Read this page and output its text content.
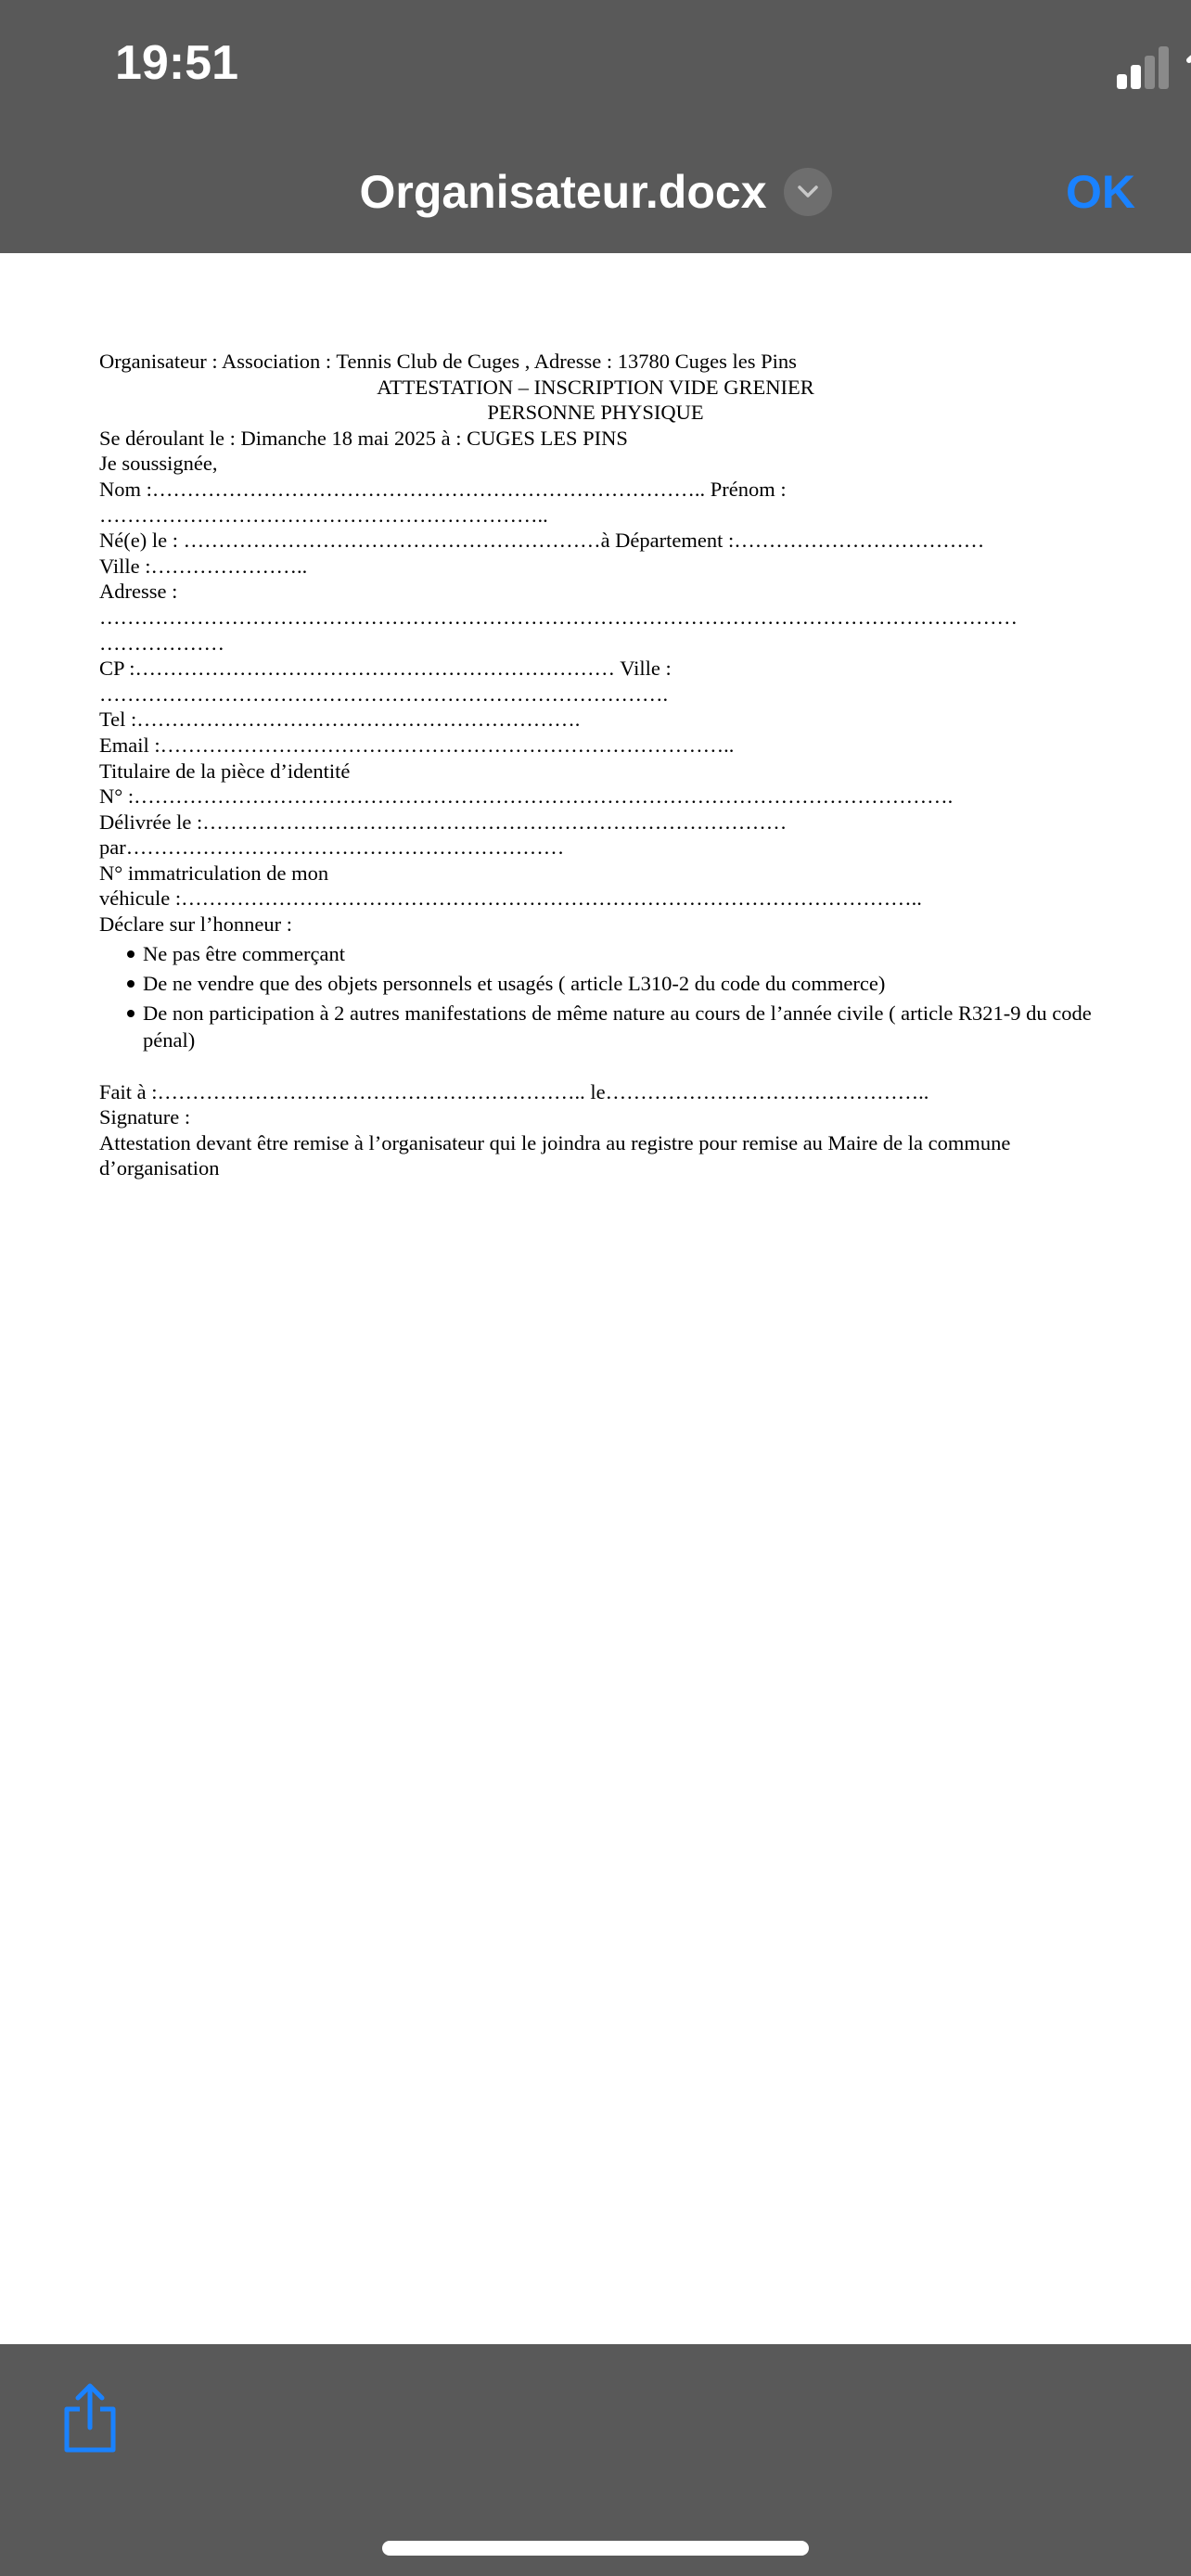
19:51
Organisateur.docx	OK
Organisateur : Association : Tennis Club de Cuges , Adresse : 13780 Cuges les Pins
ATTESTATION – INSCRIPTION VIDE GRENIER
PERSONNE PHYSIQUE
Se déroulant le : Dimanche 18 mai 2025 à : CUGES LES PINS
Je soussignée,
Nom :…………………………………………………………………….. Prénom :
………………………………………………………..
Né(e) le : ……………………………………………………à Département :………………………………
Ville :…………………..
Adresse :
……………………………………………………………………………………………………………………
………………
CP :…………………………………………………………… Ville :
……………………………………………………………………….
Tel :……………………………………………………….
Email :………………………………………………………………………..
Titulaire de la pièce d’identité
N° :……………………………………………………………………………………………………….
Délivrée le :…………………………………………………………………………
par………………………………………………………
N° immatriculation de mon
véhicule :……………………………………………………………………………………………..
Déclare sur l’honneur :
Ne pas être commerçant
De ne vendre que des objets personnels et usagés ( article L310-2 du code du commerce)
De non participation à 2 autres manifestations de même nature au cours de l’année civile ( article R321-9 du code pénal)
Fait à :…………………………………………………….. le………………………………………..
Signature :
Attestation devant être remise à l’organisateur qui le joindra au registre pour remise au Maire de la commune d’organisation
